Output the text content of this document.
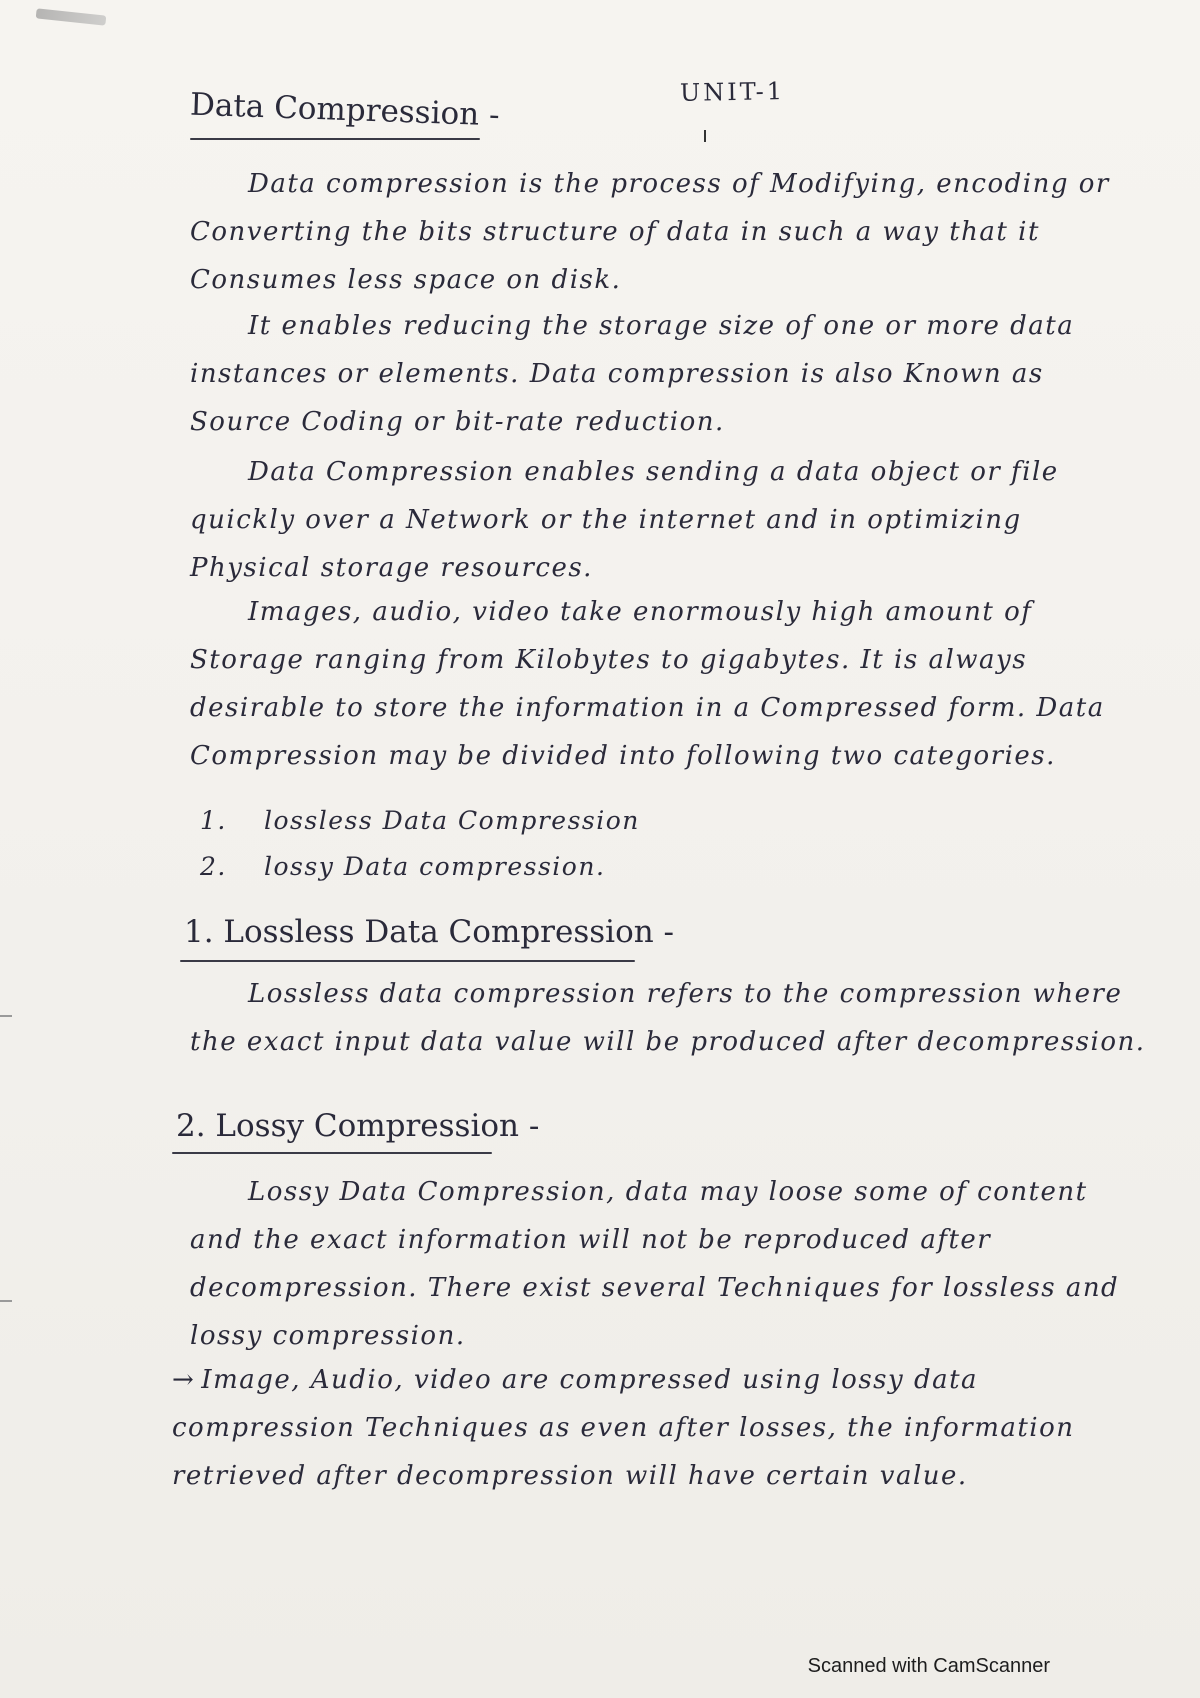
UNIT-1
Data Compression -

Data compression is the process of Modifying, encoding or Converting the bits structure of data in such a way that it Consumes less space on disk.

It enables reducing the storage size of one or more data instances or elements. Data compression is also Known as Source Coding or bit-rate reduction.

Data Compression enables sending a data object or file quickly over a Network or the internet and in optimizing Physical storage resources.

Images, audio, video take enormously high amount of Storage ranging from Kilobytes to gigabytes. It is always desirable to store the information in a Compressed form. Data Compression may be divided into following two categories.

1. lossless Data Compression
2. lossy Data compression.
1. Lossless Data Compression -

Lossless data compression refers to the compression where the exact input data value will be produced after decompression.

2. Lossy Compression -

Lossy Data Compression, data may loose some of content and the exact information will not be reproduced after decompression. There exist several Techniques for lossless and lossy compression.

→ Image, Audio, video are compressed using lossy data compression Techniques as even after losses, the information retrieved after decompression will have certain value.

Scanned with CamScanner
